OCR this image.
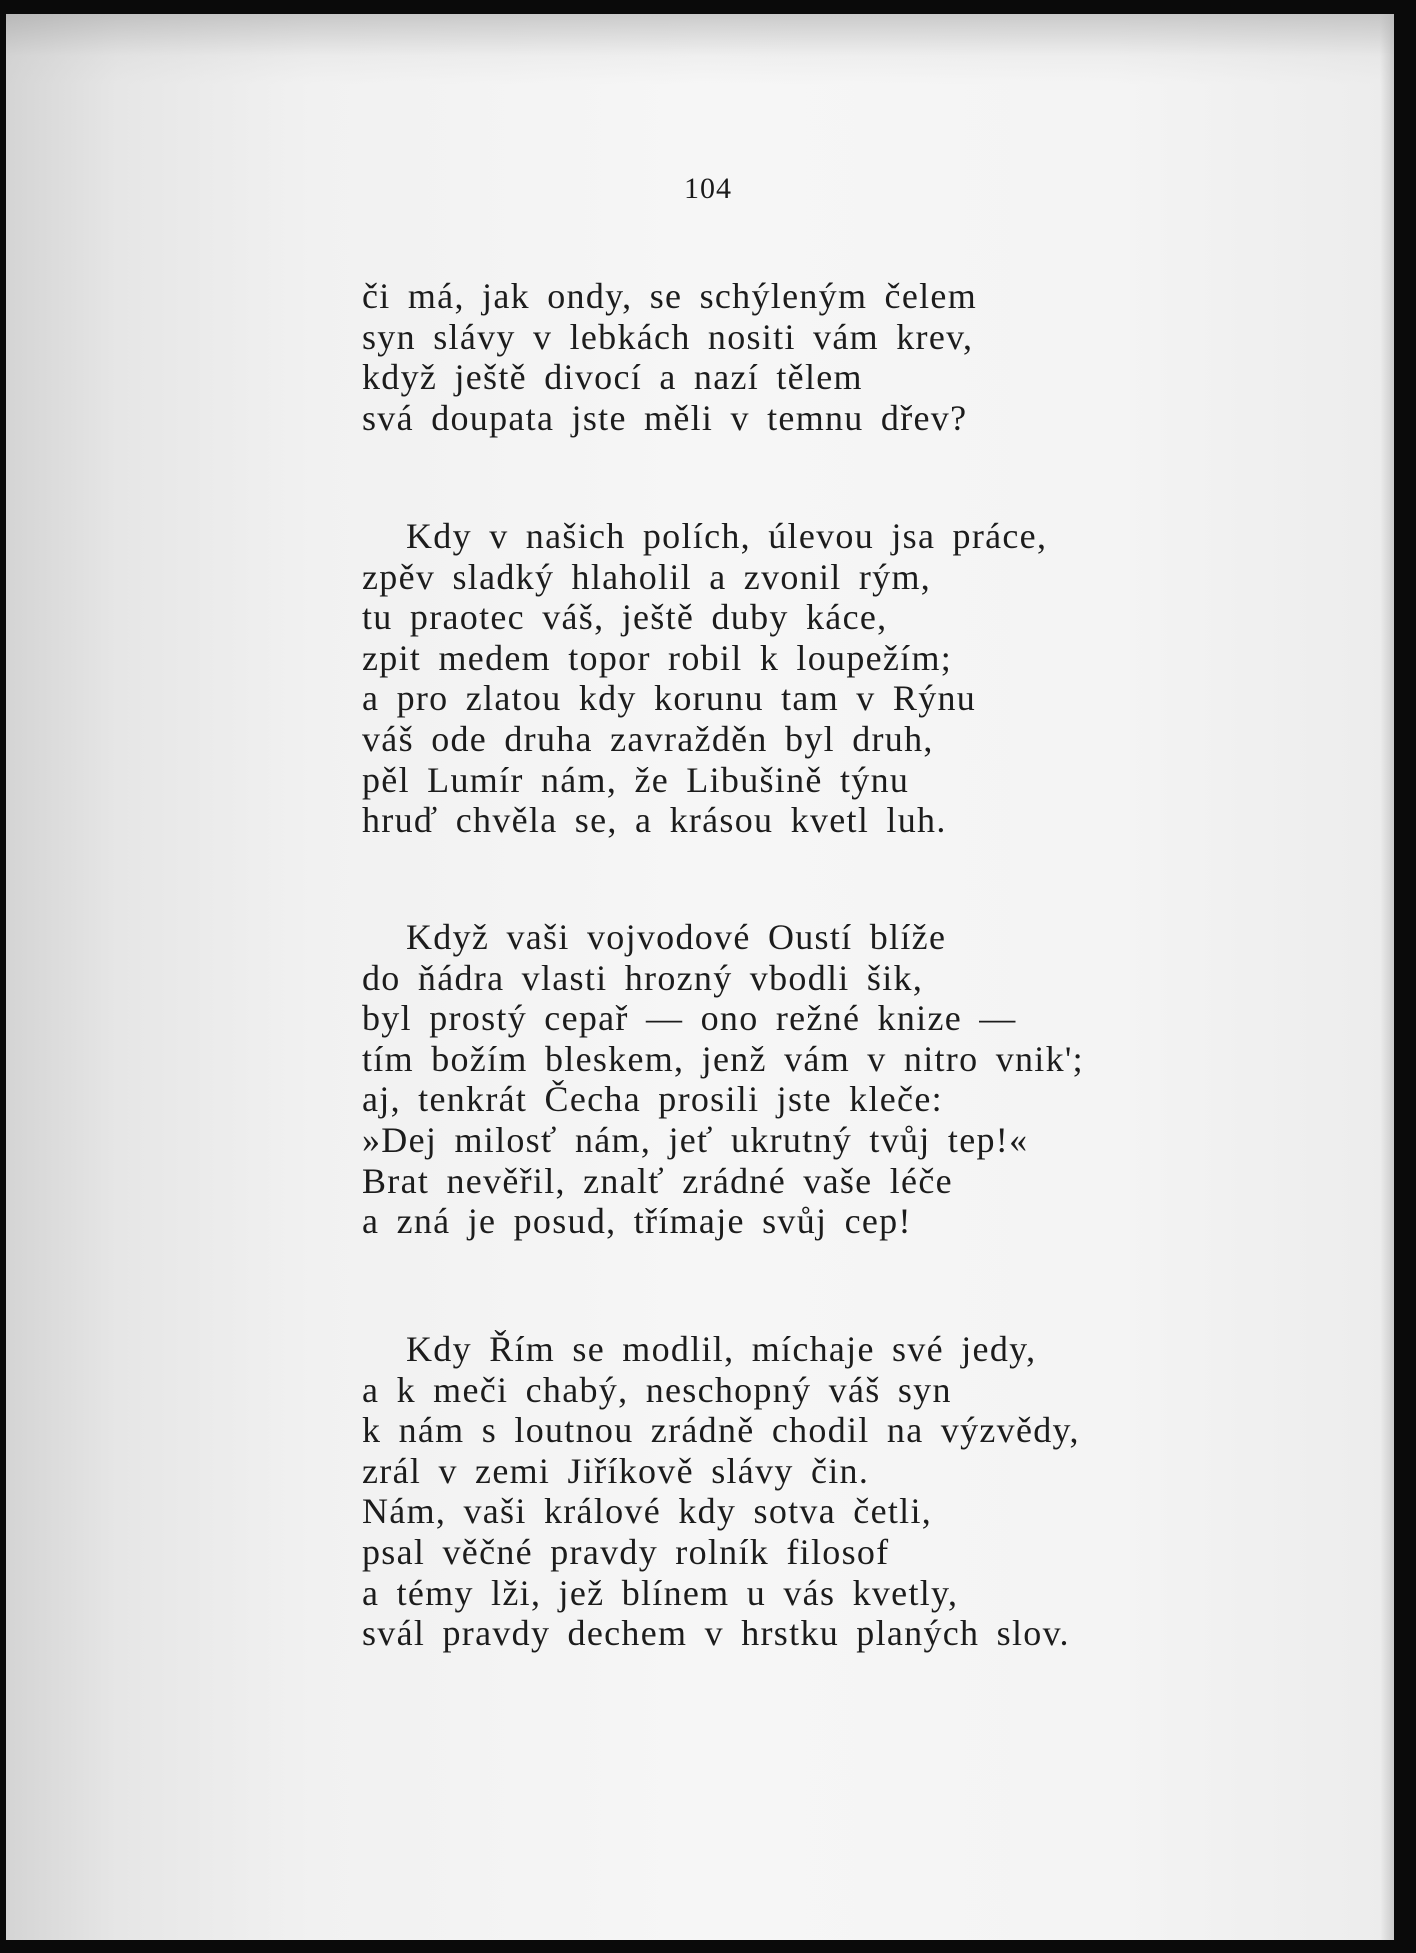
104
či má, jak ondy, se schýleným čelem
syn slávy v lebkách nositi vám krev,
když ještě divocí a nazí tělem
svá doupata jste měli v temnu dřev?
Kdy v našich polích, úlevou jsa práce,
zpěv sladký hlaholil a zvonil rým,
tu praotec váš, ještě duby káce,
zpit medem topor robil k loupežím;
a pro zlatou kdy korunu tam v Rýnu
váš ode druha zavražděn byl druh,
pěl Lumír nám, že Libušině týnu
hruď chvěla se, a krásou kvetl luh.
Když vaši vojvodové Oustí blíže
do ňádra vlasti hrozný vbodli šik,
byl prostý cepař — ono režné knize —
tím božím bleskem, jenž vám v nitro vnik';
aj, tenkrát Čecha prosili jste klečе:
»Dej milosť nám, jeť ukrutný tvůj tep!«
Brat nevěřil, znalť zrádné vaše léče
a zná je posud, třímaje svůj cep!
Kdy Řím se modlil, míchaje své jedy,
a k meči chabý, neschopný váš syn
k nám s loutnou zrádně chodil na výzvědy,
zrál v zemi Jiříkově slávy čin.
Nám, vaši králové kdy sotva četli,
psal věčné pravdy rolník filosof
a témy lži, jež blínem u vás kvetly,
svál pravdy dechem v hrstku planých slov.
